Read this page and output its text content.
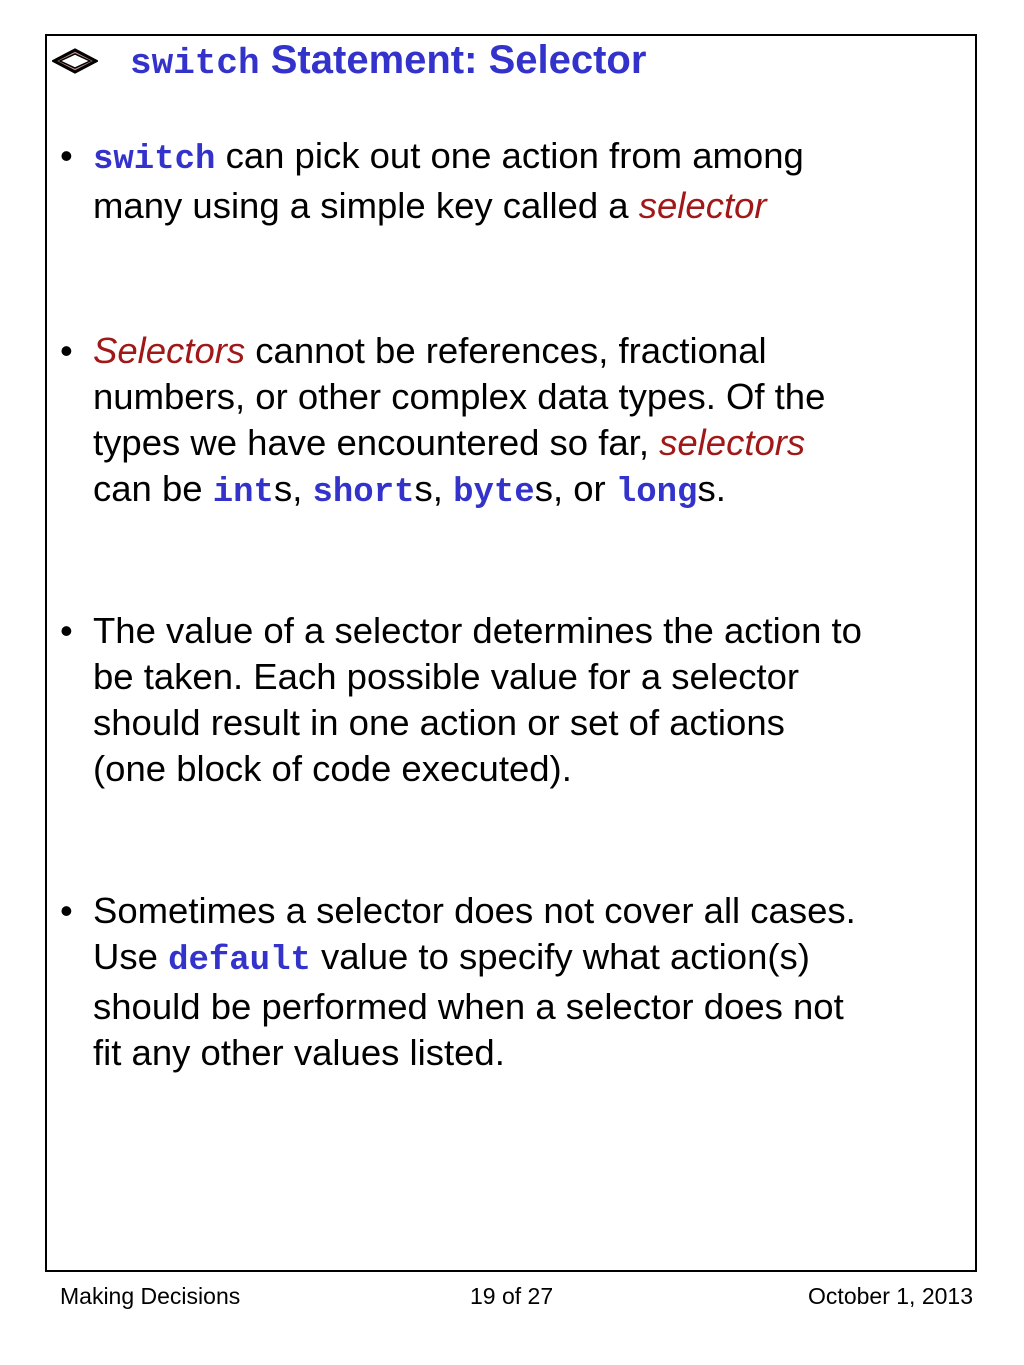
switch Statement: Selector
• switch can pick out one action from among
many using a simple key called a selector
• Selectors cannot be references, fractional
numbers, or other complex data types. Of the
types we have encountered so far, selectors
can be ints, shorts, bytes, or longs.
• The value of a selector determines the action to
be taken. Each possible value for a selector
should result in one action or set of actions
(one block of code executed).
• Sometimes a selector does not cover all cases.
Use default value to specify what action(s)
should be performed when a selector does not
fit any other values listed.
Making Decisions	19 of 27	October 1, 2013
